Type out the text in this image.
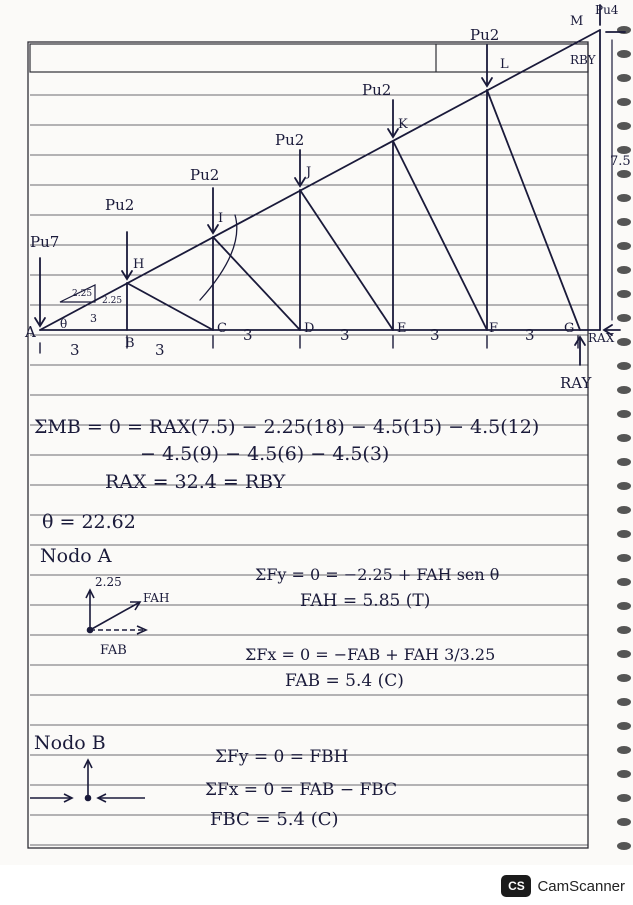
Pu7
Pu2
Pu2
Pu2
Pu2
Pu2
Pu4
A
B
C	D	E	F	G
H
I
J
K
L
M
3	3
3	3	3	3
2.25
2.25
θ 3
7.5
RAY
RAX
RBY
ΣMB = 0 = RAX(7.5) − 2.25(18) − 4.5(15) − 4.5(12)
− 4.5(9) − 4.5(6) − 4.5(3)
RAX = 32.4 = RBY
θ = 22.62
Nodo A
2.25
FAH
FAB
ΣFy = 0 = −2.25 + FAH sen θ
FAH = 5.85 (T)
ΣFx = 0 = −FAB + FAH 3/3.25
FAB = 5.4 (C)
Nodo B
ΣFy = 0 = FBH
ΣFx = 0 = FAB − FBC
FBC = 5.4 (C)
CS CamScanner
